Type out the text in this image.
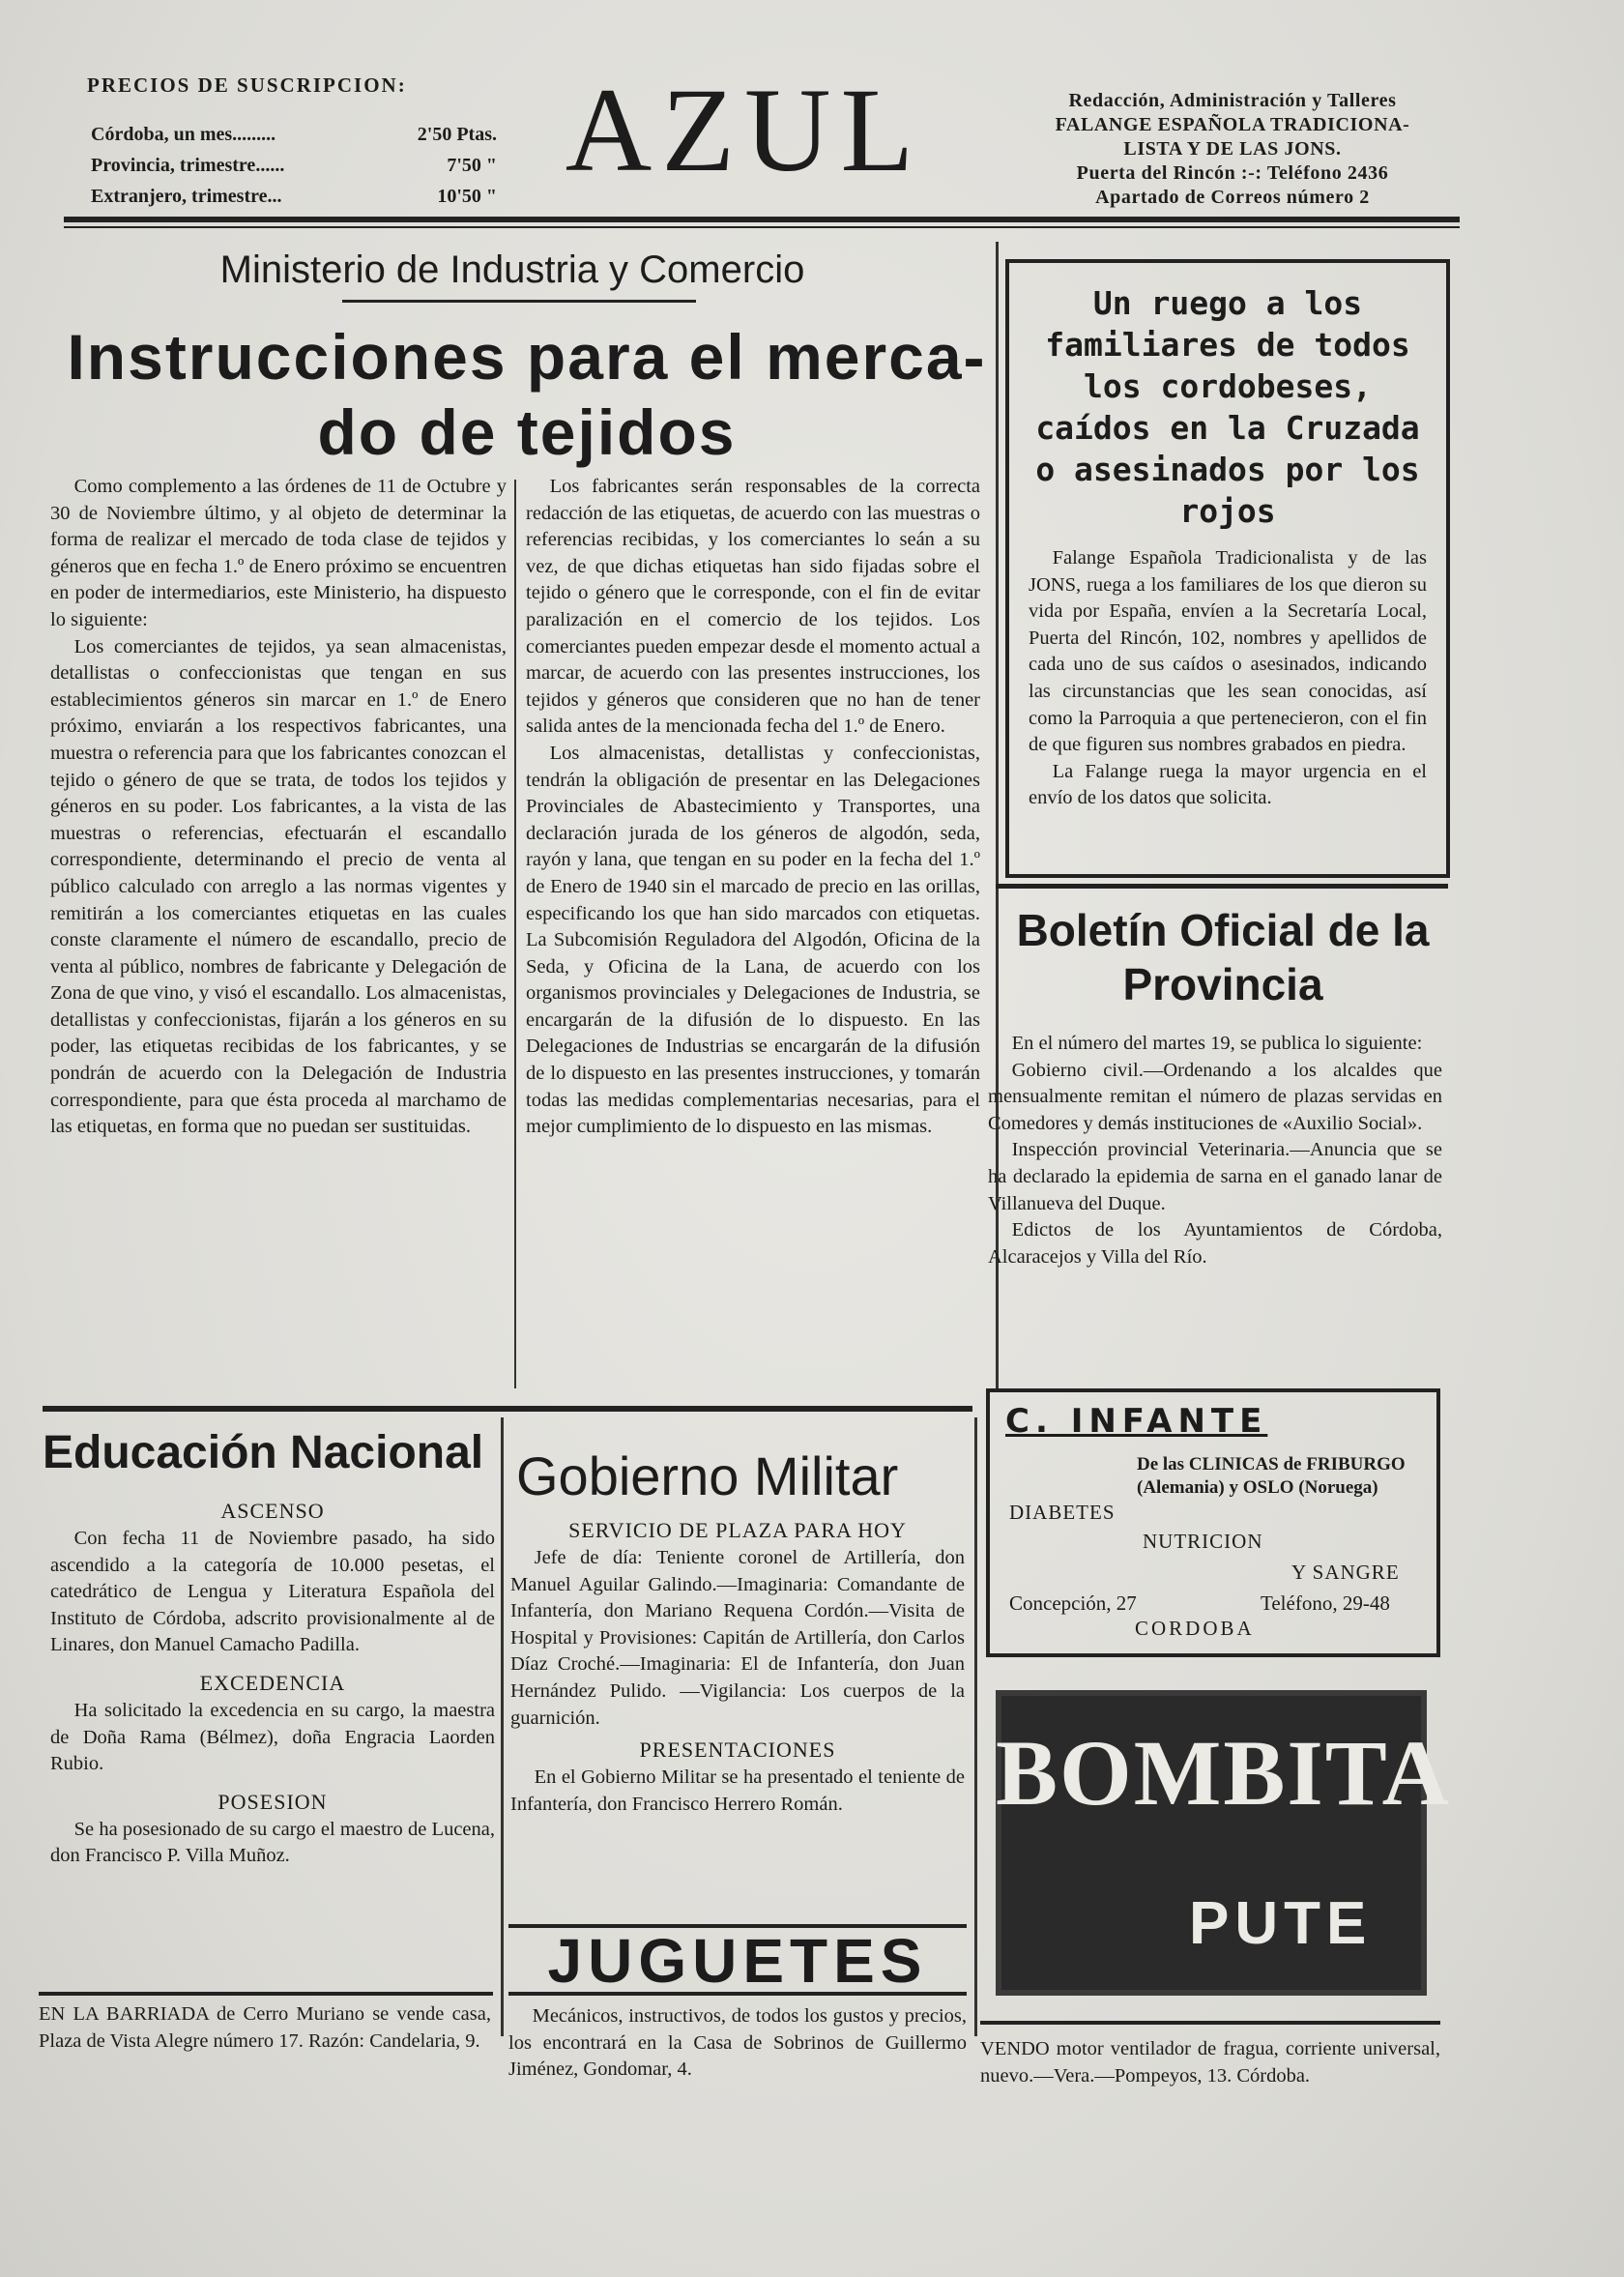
PRECIOS DE SUSCRIPCION:
Córdoba, un mes.........	2'50 Ptas.
Provincia, trimestre......	7'50 "
Extranjero, trimestre...	10'50 " AZUL	Redacción, Administración y Talleres
FALANGE ESPAÑOLA TRADICIONA-
LISTA Y DE LAS JONS.
Puerta del Rincón :-: Teléfono 2436
Apartado de Correos número 2
Ministerio de Industria y Comercio
Instrucciones para el merca-
do de tejidos

Como complemento a las órdenes de 11 de Octubre y 30 de Noviembre último, y al objeto de determinar la forma de realizar el mercado de toda clase de tejidos y géneros que en fecha 1.º de Enero próximo se encuentren en poder de intermediarios, este Ministerio, ha dispuesto lo siguiente:

Los comerciantes de tejidos, ya sean almacenistas, detallistas o confeccionistas que tengan en sus establecimientos géneros sin marcar en 1.º de Enero próximo, enviarán a los respectivos fabricantes, una muestra o referencia para que los fabricantes conozcan el tejido o género de que se trata, de todos los tejidos y géneros en su poder. Los fabricantes, a la vista de las muestras o referencias, efectuarán el escandallo correspondiente, determinando el precio de venta al público calculado con arreglo a las normas vigentes y remitirán a los comerciantes etiquetas en las cuales conste claramente el número de escandallo, precio de venta al público, nombres de fabricante y Delegación de Zona de que vino, y visó el escandallo. Los almacenistas, detallistas y confeccionistas, fijarán a los géneros en su poder, las etiquetas recibidas de los fabricantes, y se pondrán de acuerdo con la Delegación de Industria correspondiente, para que ésta proceda al marchamo de las etiquetas, en forma que no puedan ser sustituidas.

Los fabricantes serán responsables de la correcta redacción de las etiquetas, de acuerdo con las muestras o referencias recibidas, y los comerciantes lo seán a su vez, de que dichas etiquetas han sido fijadas sobre el tejido o género que le corresponde, con el fin de evitar paralización en el comercio de los tejidos. Los comerciantes pueden empezar desde el momento actual a marcar, de acuerdo con las presentes instrucciones, los tejidos y géneros que consideren que no han de tener salida antes de la mencionada fecha del 1.º de Enero.

Los almacenistas, detallistas y confeccionistas, tendrán la obligación de presentar en las Delegaciones Provinciales de Abastecimiento y Transportes, una declaración jurada de los géneros de algodón, seda, rayón y lana, que tengan en su poder en la fecha del 1.º de Enero de 1940 sin el marcado de precio en las orillas, especificando los que han sido marcados con etiquetas. La Subcomisión Reguladora del Algodón, Oficina de la Seda, y Oficina de la Lana, de acuerdo con los organismos provinciales y Delegaciones de Industria, se encargarán de la difusión de lo dispuesto. En las Delegaciones de Industrias se encargarán de la difusión de lo dispuesto en las presentes instrucciones, y tomarán todas las medidas complementarias necesarias, para el mejor cumplimiento de lo dispuesto en las mismas.

Un ruego a los familiares de todos los cordobeses, caídos en la Cruzada o asesinados por los rojos

Falange Española Tradicionalista y de las JONS, ruega a los familiares de los que dieron su vida por España, envíen a la Secretaría Local, Puerta del Rincón, 102, nombres y apellidos de cada uno de sus caídos o asesinados, indicando las circunstancias que les sean conocidas, así como la Parroquia a que pertenecieron, con el fin de que figuren sus nombres grabados en piedra.

La Falange ruega la mayor urgencia en el envío de los datos que solicita.

Boletín Oficial de la
Provincia

En el número del martes 19, se publica lo siguiente:

Gobierno civil.—Ordenando a los alcaldes que mensualmente remitan el número de plazas servidas en Comedores y demás instituciones de «Auxilio Social».

Inspección provincial Veterinaria.—Anuncia que se ha declarado la epidemia de sarna en el ganado lanar de Villanueva del Duque.

Edictos de los Ayuntamientos de Córdoba, Alcaracejos y Villa del Río.

Educación Nacional
ASCENSO

Con fecha 11 de Noviembre pasado, ha sido ascendido a la categoría de 10.000 pesetas, el catedrático de Lengua y Literatura Española del Instituto de Córdoba, adscrito provisionalmente al de Linares, don Manuel Camacho Padilla.

EXCEDENCIA

Ha solicitado la excedencia en su cargo, la maestra de Doña Rama (Bélmez), doña Engracia Laorden Rubio.

POSESION

Se ha posesionado de su cargo el maestro de Lucena, don Francisco P. Villa Muñoz.

EN LA BARRIADA de Cerro Muriano se vende casa, Plaza de Vista Alegre número 17. Razón: Candelaria, 9.

Gobierno Militar
SERVICIO DE PLAZA PARA HOY

Jefe de día: Teniente coronel de Artillería, don Manuel Aguilar Galindo.—Imaginaria: Comandante de Infantería, don Mariano Requena Cordón.—Visita de Hospital y Provisiones: Capitán de Artillería, don Carlos Díaz Croché.—Imaginaria: El de Infantería, don Juan Hernández Pulido. —Vigilancia: Los cuerpos de la guarnición.

PRESENTACIONES

En el Gobierno Militar se ha presentado el teniente de Infantería, don Francisco Herrero Román.

JUGUETES

Mecánicos, instructivos, de todos los gustos y precios, los encontrará en la Casa de Sobrinos de Guillermo Jiménez, Gondomar, 4.

C. INFANTE
De las CLINICAS de FRIBURGO
(Alemania) y OSLO (Noruega)
DIABETES
NUTRICION
Y SANGRE
Concepción, 27	Teléfono, 29-48
CORDOBA
BOMBITA
PUTE

VENDO motor ventilador de fragua, corriente universal, nuevo.—Vera.—Pompeyos, 13. Córdoba.
